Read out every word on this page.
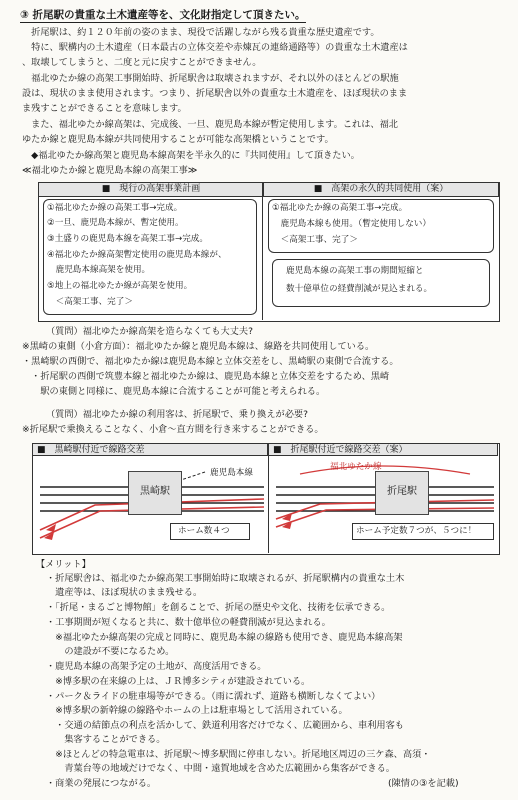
③ 折尾駅の貴重な土木遺産等を、文化財指定して頂きたい。
　折尾駅は、約１２０年前の姿のまま、現役で活躍しながら残る貴重な歴史遺産です。
　特に、駅構内の土木遺産（日本最古の立体交差や赤煉瓦の連絡通路等）の貴重な土木遺産は
、取壊してしまうと、二度と元に戻すことができません。
　福北ゆたか線の高架工事開始時、折尾駅舎は取壊されますが、それ以外のほとんどの駅施
設は、現状のまま使用されます。つまり、折尾駅舎以外の貴重な土木遺産を、ほぼ現状のまま
ま残すことができることを意味します。
　また、福北ゆたか線高架は、完成後、一旦、鹿児島本線が暫定使用します。これは、福北
ゆたか線と鹿児島本線が共同使用することが可能な高架橋ということです。
　◆福北ゆたか線高架と鹿児島本線高架を半永久的に『共同使用』して頂きたい。
≪福北ゆたか線と鹿児島本線の高架工事≫
■　現行の高架事業計画	■　高架の永久的共同使用（案）
①福北ゆたか線の高架工事→完成。
②一旦、鹿児島本線が、暫定使用。
③土盛りの鹿児島本線を高架工事→完成。
④福北ゆたか線高架暫定使用の鹿児島本線が、
　鹿児島本線高架を使用。
⑤地上の福北ゆたか線が高架を使用。
　＜高架工事、完了＞
①福北ゆたか線の高架工事→完成。
　鹿児島本線も使用。（暫定使用しない）
　＜高架工事、完了＞
鹿児島本線の高架工事の期間短縮と
数十億単位の経費削減が見込まれる。
（質問）福北ゆたか線高架を造らなくても大丈夫?
※黒崎の東側（小倉方面）：福北ゆたか線と鹿児島本線は、線路を共同使用している。
・黒崎駅の西側で、福北ゆたか線は鹿児島本線と立体交差をし、黒崎駅の東側で合流する。
　・折尾駅の西側で筑豊本線と福北ゆたか線は、鹿児島本線と立体交差をするため、黒崎
　　駅の東側と同様に、鹿児島本線に合流することが可能と考えられる。
（質問）福北ゆたか線の利用客は、折尾駅で、乗り換えが必要?
※折尾駅で乗換えることなく、小倉～直方間を行き来することができる。
■　黒崎駅付近で線路交差	■　折尾駅付近で線路交差（案）
黒崎駅
鹿児島本線
折尾駅
福北ゆたか線
ホーム数４つ	ホーム予定数７つが、５つに！
【メリット】
・折尾駅舎は、福北ゆたか線高架工事開始時に取壊されるが、折尾駅構内の貴重な土木
　遺産等は、ほぼ現状のまま残せる。
・「折尾・まるごと博物館」を創ることで、折尾の歴史や文化、技術を伝承できる。
・工事期間が短くなると共に、数十億単位の軽費削減が見込まれる。
　※福北ゆたか線高架の完成と同時に、鹿児島本線の線路も使用でき、鹿児島本線高架
　　の建設が不要になるため。
・鹿児島本線の高架予定の土地が、高度活用できる。
　※博多駅の在来線の上は、ＪＲ博多シティが建設されている。
・パーク＆ライドの駐車場等ができる。（雨に濡れず、道路も横断しなくてよい）
　※博多駅の新幹線の線路やホームの上は駐車場として活用されている。
　・交通の結節点の利点を活かして、鉄道利用客だけでなく、広範囲から、車利用客も
　　集客することができる。
　※ほとんどの特急電車は、折尾駅～博多駅間に停車しない。折尾地区周辺の三ケ森、高須・
　　青葉台等の地域だけでなく、中間・遠賀地域を含めた広範囲から集客ができる。
・商業の発展につながる。	(陳情の③を記載)
